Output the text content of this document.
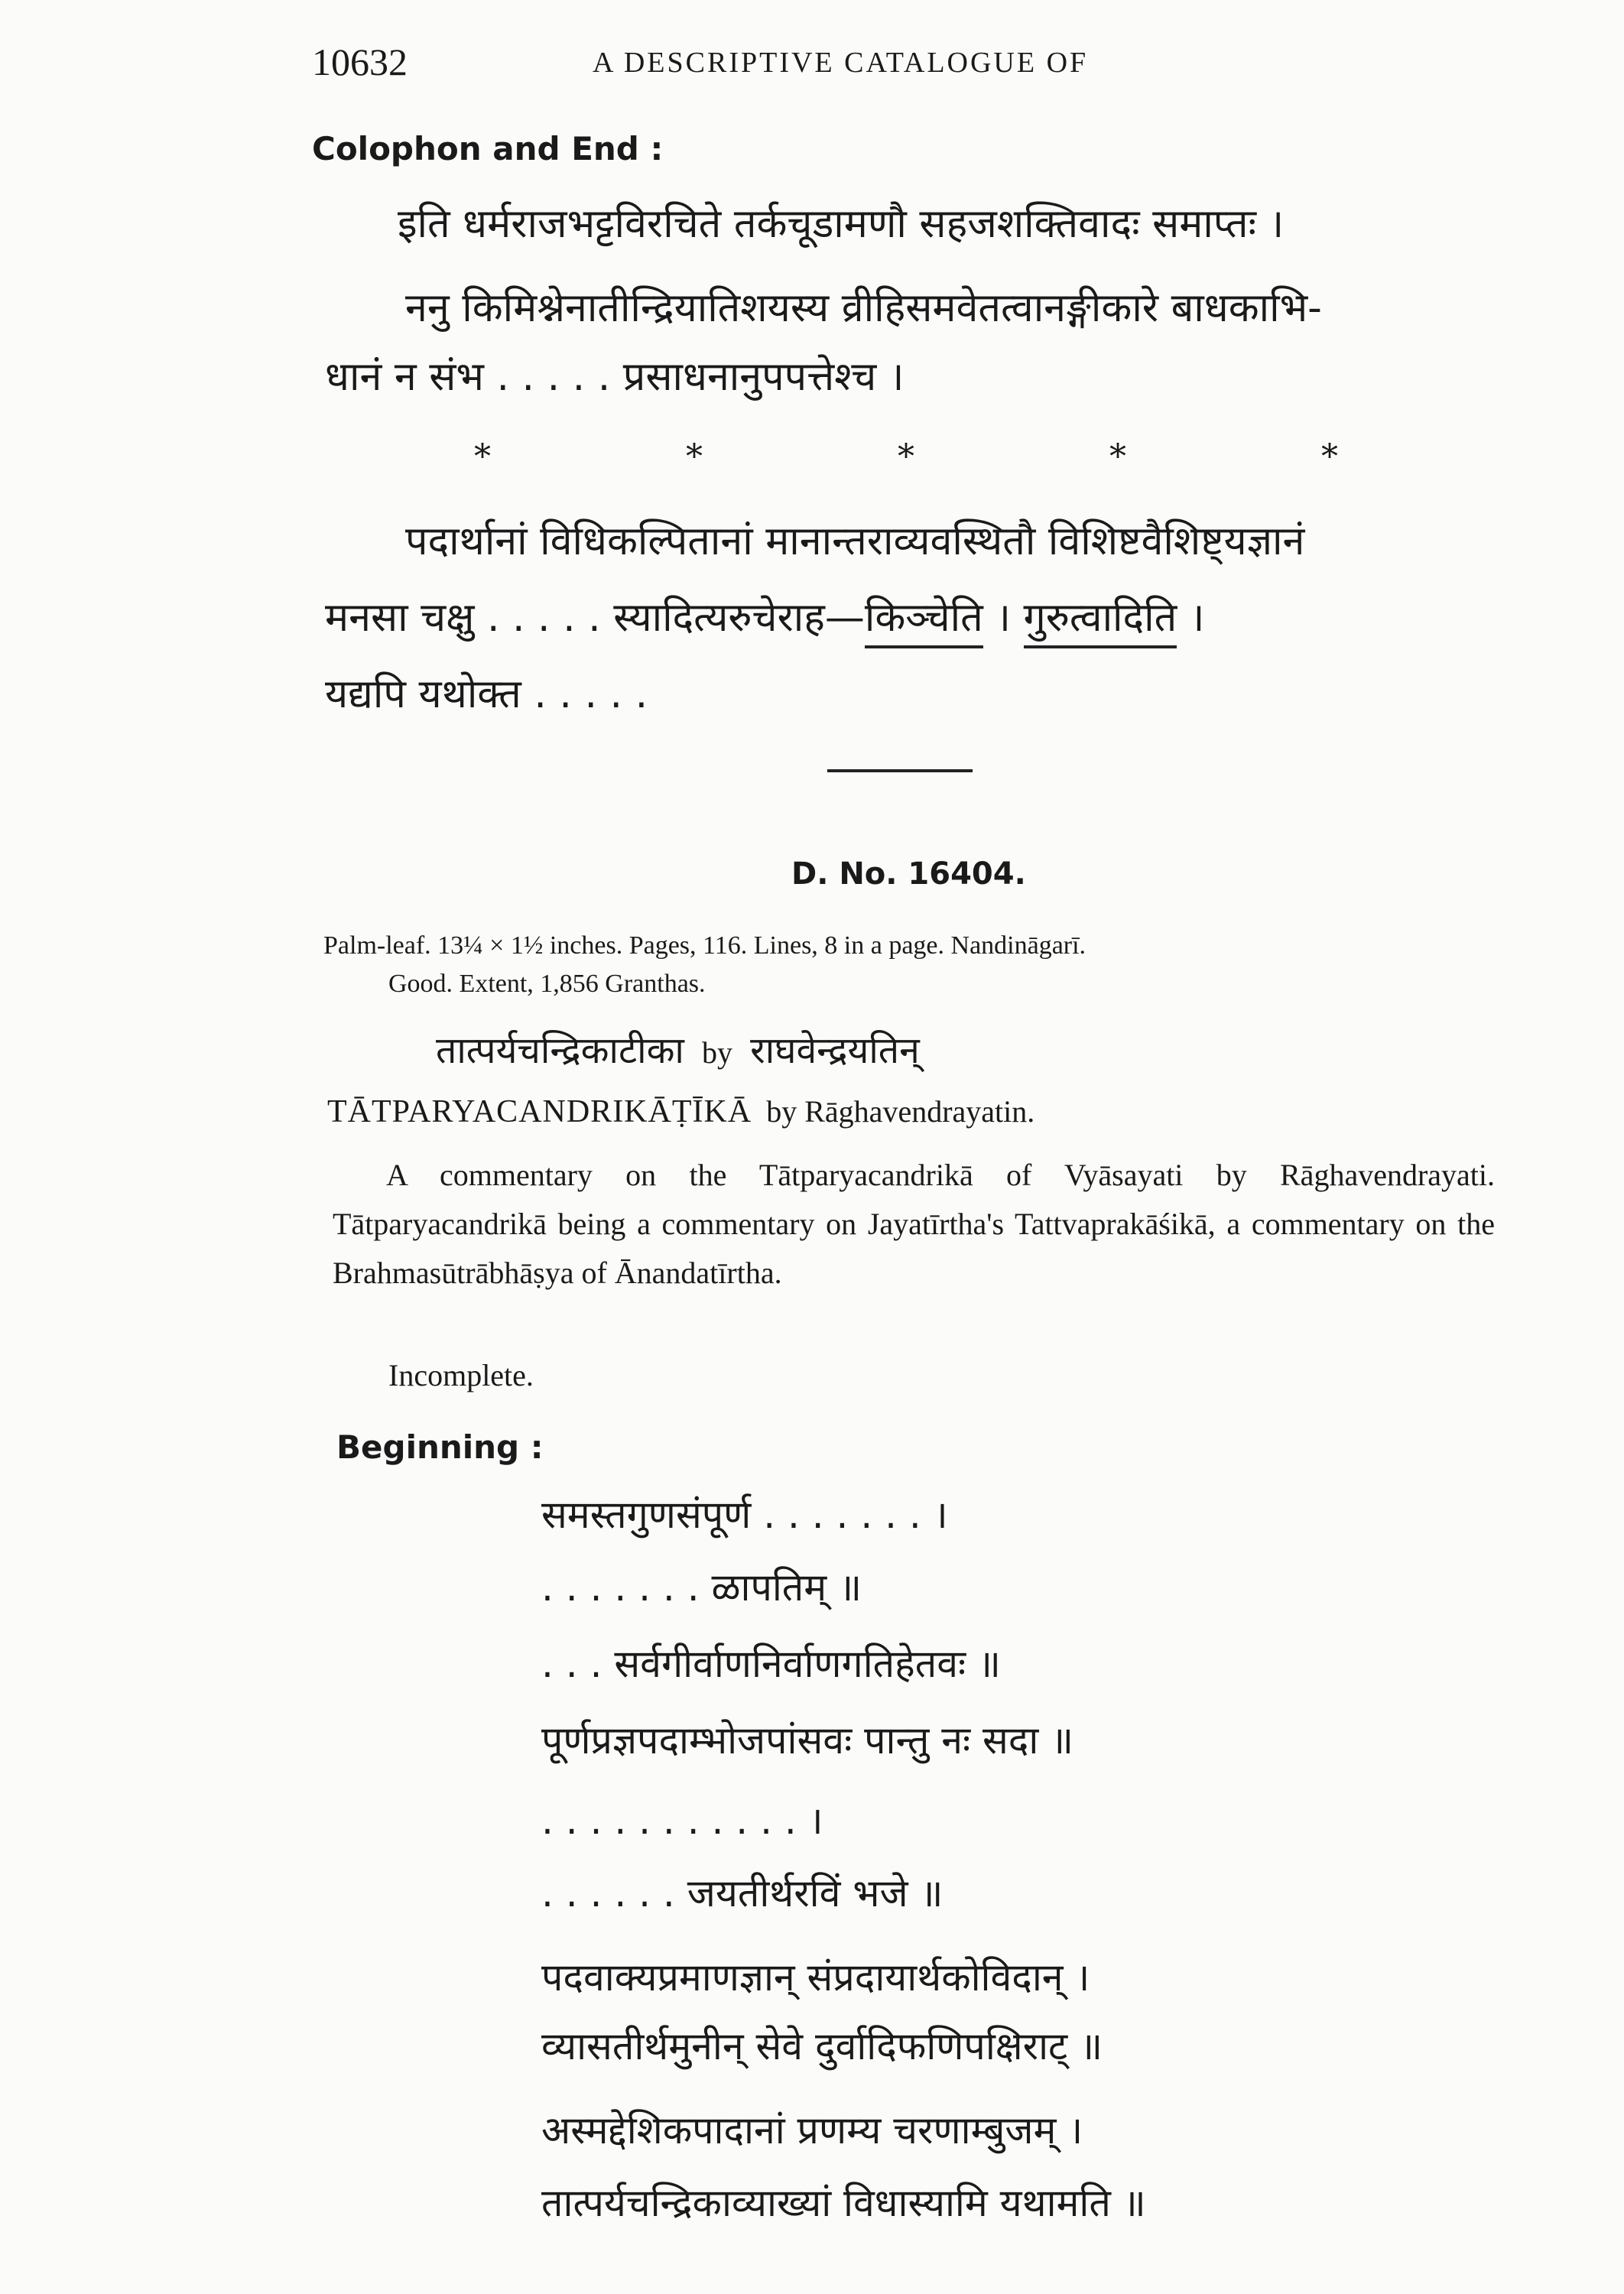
10632	A DESCRIPTIVE CATALOGUE OF
Colophon and End :
इति धर्मराजभट्टविरचिते तर्कचूडामणौ सहजशक्तिवादः समाप्तः ।
ननु किमिश्नेनातीन्द्रियातिशयस्य व्रीहिसमवेतत्वानङ्गीकारे बाधकाभि-
धानं न संभ . . . . . प्रसाधनानुपपत्तेश्च ।
*	*	*	*	*
पदार्थानां विधिकल्पितानां मानान्तराव्यवस्थितौ विशिष्टवैशिष्ट्यज्ञानं
मनसा चक्षु . . . . . स्यादित्यरुचेराह—किञ्चेति । गुरुत्वादिति ।
यद्यपि यथोक्त . . . . .
D. No. 16404.
Palm-leaf. 13¼ × 1½ inches. Pages, 116. Lines, 8 in a page. Nandināgarī.
Good. Extent, 1,856 Granthas.
तात्पर्यचन्द्रिकाटीका by राघवेन्द्रयतिन्
TĀTPARYACANDRIKĀṬĪKĀ by Rāghavendrayatin.

A commentary on the Tātparyacandrikā of Vyāsayati by Rāghavendrayati. Tātparyacandrikā being a commentary on Jayatīrtha's Tattvaprakāśikā, a commentary on the Brahmasūtrābhāṣya of Ānandatīrtha.

Incomplete.
Beginning :
समस्तगुणसंपूर्ण . . . . . . . ।
. . . . . . . ळापतिम् ॥
. . . सर्वगीर्वाणनिर्वाणगतिहेतवः ॥
पूर्णप्रज्ञपदाम्भोजपांसवः पान्तु नः सदा ॥
. . . . . . . . . . . ।
. . . . . . जयतीर्थरविं भजे ॥
पदवाक्यप्रमाणज्ञान् संप्रदायार्थकोविदान् ।
व्यासतीर्थमुनीन् सेवे दुर्वादिफणिपक्षिराट् ॥
अस्मद्देशिकपादानां प्रणम्य चरणाम्बुजम् ।
तात्पर्यचन्द्रिकाव्याख्यां विधास्यामि यथामति ॥
